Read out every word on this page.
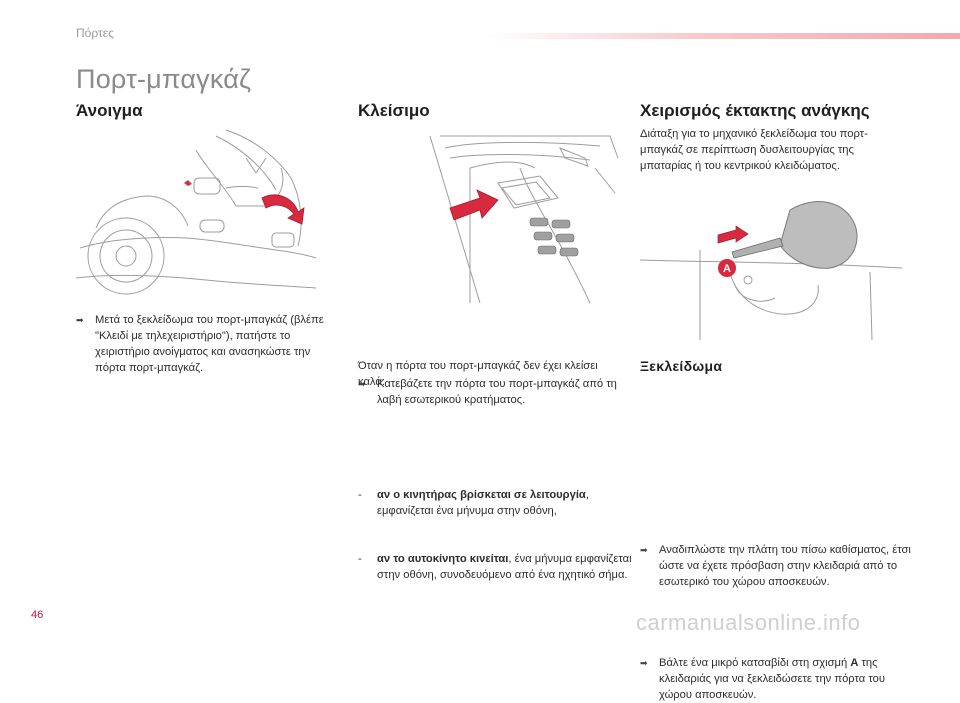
Πόρτες
Πορτ-μπαγκάζ
Άνοιγμα
➡ Μετά το ξεκλείδωμα του πορτ-μπαγκάζ (βλέπε "Κλειδί με τηλεχειριστήριο"), πατήστε το χειριστήριο ανοίγματος και ανασηκώστε την πόρτα πορτ-μπαγκάζ.
Κλείσιμο
➡ Κατεβάζετε την πόρτα του πορτ-μπαγκάζ από τη λαβή εσωτερικού κρατήματος.
Όταν η πόρτα του πορτ-μπαγκάζ δεν έχει κλείσει καλά:
- αν ο κινητήρας βρίσκεται σε λειτουργία, εμφανίζεται ένα μήνυμα στην οθόνη,
- αν το αυτοκίνητο κινείται, ένα μήνυμα εμφανίζεται στην οθόνη, συνοδευόμενο από ένα ηχητικό σήμα.
Χειρισμός έκτακτης ανάγκης
Διάταξη για το μηχανικό ξεκλείδωμα του πορτ-μπαγκάζ σε περίπτωση δυσλειτουργίας της μπαταρίας ή του κεντρικού κλειδώματος.
A
Ξεκλείδωμα
➡ Αναδιπλώστε την πλάτη του πίσω καθίσματος, έτσι ώστε να έχετε πρόσβαση στην κλειδαριά από το εσωτερικό του χώρου αποσκευών.
➡ Βάλτε ένα μικρό κατσαβίδι στη σχισμή A της κλειδαριάς για να ξεκλειδώσετε την πόρτα του χώρου αποσκευών.
46	carmanualsonline.info
